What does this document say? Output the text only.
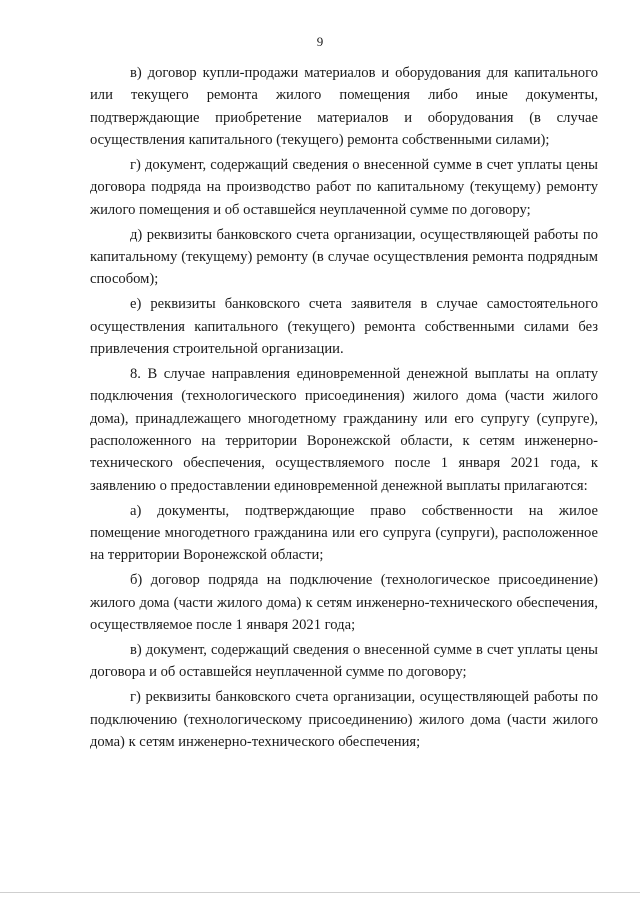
9

в) договор купли-продажи материалов и оборудования для капитального или текущего ремонта жилого помещения либо иные документы, подтверждающие приобретение материалов и оборудования (в случае осуществления капитального (текущего) ремонта собственными силами);

г) документ, содержащий сведения о внесенной сумме в счет уплаты цены договора подряда на производство работ по капитальному (текущему) ремонту жилого помещения и об оставшейся неуплаченной сумме по договору;

д) реквизиты банковского счета организации, осуществляющей работы по капитальному (текущему) ремонту (в случае осуществления ремонта подрядным способом);

е) реквизиты банковского счета заявителя в случае самостоятельного осуществления капитального (текущего) ремонта собственными силами без привлечения строительной организации.

8. В случае направления единовременной денежной выплаты на оплату подключения (технологического присоединения) жилого дома (части жилого дома), принадлежащего многодетному гражданину или его супругу (супруге), расположенного на территории Воронежской области, к сетям инженерно-технического обеспечения, осуществляемого после 1 января 2021 года, к заявлению о предоставлении единовременной денежной выплаты прилагаются:

а) документы, подтверждающие право собственности на жилое помещение многодетного гражданина или его супруга (супруги), расположенное на территории Воронежской области;

б) договор подряда на подключение (технологическое присоединение) жилого дома (части жилого дома) к сетям инженерно-технического обеспечения, осуществляемое после 1 января 2021 года;

в) документ, содержащий сведения о внесенной сумме в счет уплаты цены договора и об оставшейся неуплаченной сумме по договору;

г) реквизиты банковского счета организации, осуществляющей работы по подключению (технологическому присоединению) жилого дома (части жилого дома) к сетям инженерно-технического обеспечения;
